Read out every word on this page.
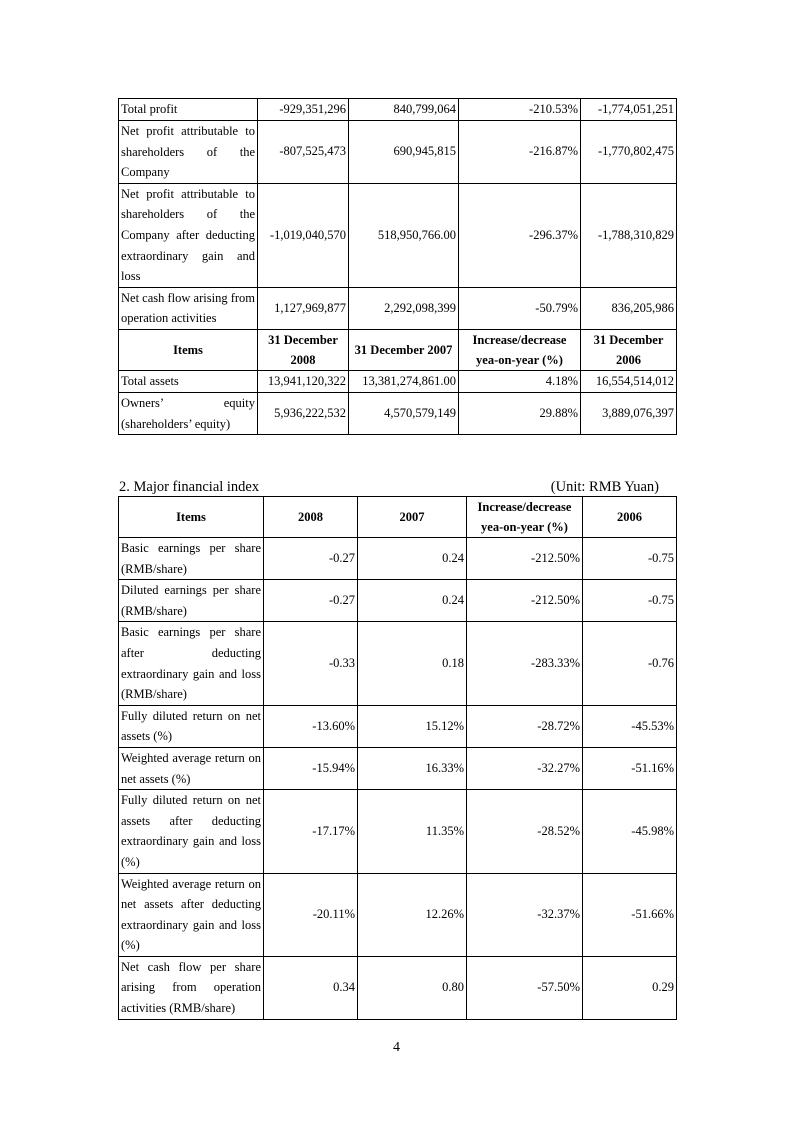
Total profit	-929,351,296	840,799,064	-210.53%	-1,774,051,251
Net profit attributable to shareholders of the Company	-807,525,473	690,945,815	-216.87%	-1,770,802,475
Net profit attributable to shareholders of the Company after deducting extraordinary gain and loss	-1,019,040,570	518,950,766.00	-296.37%	-1,788,310,829
Net cash flow arising from operation activities	1,127,969,877	2,292,098,399	-50.79%	836,205,986
Items	31 December 2008	31 December 2007	Increase/decrease yea-on-year (%)	31 December 2006
Total assets	13,941,120,322	13,381,274,861.00	4.18%	16,554,514,012
Owners’ equity (shareholders’ equity)	5,936,222,532	4,570,579,149	29.88%	3,889,076,397
2. Major financial index	(Unit: RMB Yuan)
Items	2008	2007	Increase/decrease yea-on-year (%)	2006
Basic earnings per share (RMB/share)	-0.27	0.24	-212.50%	-0.75
Diluted earnings per share (RMB/share)	-0.27	0.24	-212.50%	-0.75
Basic earnings per share after deducting extraordinary gain and loss (RMB/share)	-0.33	0.18	-283.33%	-0.76
Fully diluted return on net assets (%)	-13.60%	15.12%	-28.72%	-45.53%
Weighted average return on net assets (%)	-15.94%	16.33%	-32.27%	-51.16%
Fully diluted return on net assets after deducting extraordinary gain and loss (%)	-17.17%	11.35%	-28.52%	-45.98%
Weighted average return on net assets after deducting extraordinary gain and loss (%)	-20.11%	12.26%	-32.37%	-51.66%
Net cash flow per share arising from operation activities (RMB/share)	0.34	0.80	-57.50%	0.29
4
